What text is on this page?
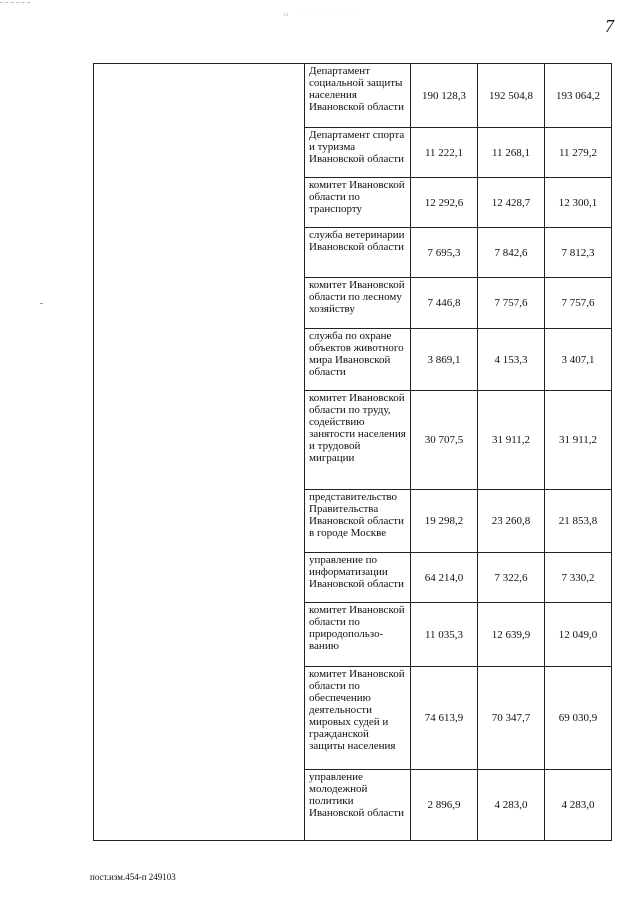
7
ы · · · · · · ·
	Департамент социальной защиты населения Ивановской области	190 128,3	192 504,8	193 064,2
	Департамент спорта и туризма Ивановской области	11 222,1	11 268,1	11 279,2
	комитет Ивановской области по транспорту	12 292,6	12 428,7	12 300,1
	служба ветеринарии Ивановской области	7 695,3	7 842,6	7 812,3
	комитет Ивановской области по лесному хозяйству	7 446,8	7 757,6	7 757,6
	служба по охране объектов животного мира Ивановской области	3 869,1	4 153,3	3 407,1
	комитет Ивановской области по труду, содействию занятости населения и трудовой миграции	30 707,5	31 911,2	31 911,2
	представительство Правительства Ивановской области в городе Москве	19 298,2	23 260,8	21 853,8
	управление по информатизации Ивановской области	64 214,0	7 322,6	7 330,2
	комитет Ивановской области по природопользо-ванию	11 035,3	12 639,9	12 049,0
	комитет Ивановской области по обеспечению деятельности мировых судей и гражданской защиты населения	74 613,9	70 347,7	69 030,9
	управление молодежной политики Ивановской области	2 896,9	4 283,0	4 283,0
пост.изм.454-п 249103
